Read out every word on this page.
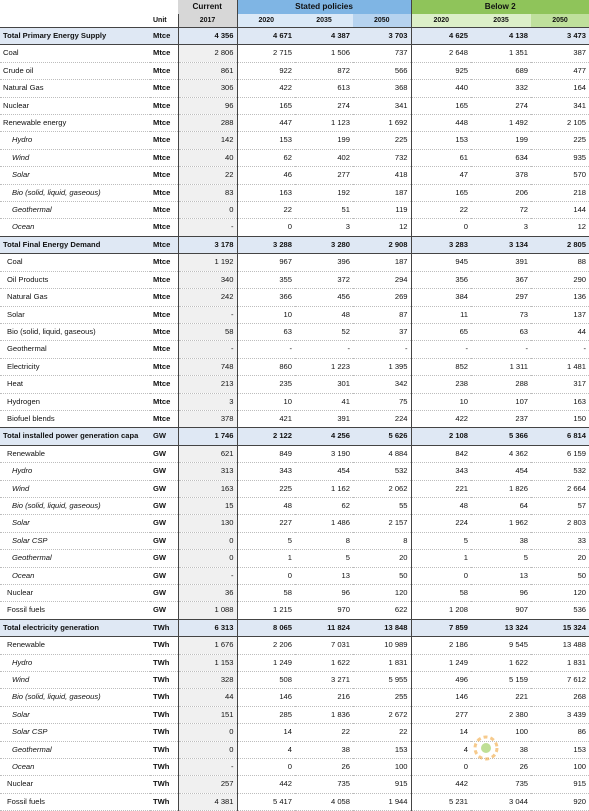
		Current	Stated policies			Below 2		
	Unit	2017	2020	2035	2050	2020	2035	2050
Total Primary Energy Supply	Mtce	4 356	4 671	4 387	3 703	4 625	4 138	3 473
Coal	Mtce	2 806	2 715	1 506	737	2 648	1 351	387
Crude oil	Mtce	861	922	872	566	925	689	477
Natural Gas	Mtce	306	422	613	368	440	332	164
Nuclear	Mtce	96	165	274	341	165	274	341
Renewable energy	Mtce	288	447	1 123	1 692	448	1 492	2 105
Hydro	Mtce	142	153	199	225	153	199	225
Wind	Mtce	40	62	402	732	61	634	935
Solar	Mtce	22	46	277	418	47	378	570
Bio (solid, liquid, gaseous)	Mtce	83	163	192	187	165	206	218
Geothermal	Mtce	0	22	51	119	22	72	144
Ocean	Mtce	-	0	3	12	0	3	12
Total Final Energy Demand	Mtce	3 178	3 288	3 280	2 908	3 283	3 134	2 805
Coal	Mtce	1 192	967	396	187	945	391	88
Oil Products	Mtce	340	355	372	294	356	367	290
Natural Gas	Mtce	242	366	456	269	384	297	136
Solar	Mtce	-	10	48	87	11	73	137
Bio (solid, liquid, gaseous)	Mtce	58	63	52	37	65	63	44
Geothermal	Mtce	-	-	-	-	-	-	-
Electricity	Mtce	748	860	1 223	1 395	852	1 311	1 481
Heat	Mtce	213	235	301	342	238	288	317
Hydrogen	Mtce	3	10	41	75	10	107	163
Biofuel blends	Mtce	378	421	391	224	422	237	150
Total installed power generation capa	GW	1 746	2 122	4 256	5 626	2 108	5 366	6 814
Renewable	GW	621	849	3 190	4 884	842	4 362	6 159
Hydro	GW	313	343	454	532	343	454	532
Wind	GW	163	225	1 162	2 062	221	1 826	2 664
Bio (solid, liquid, gaseous)	GW	15	48	62	55	48	64	57
Solar	GW	130	227	1 486	2 157	224	1 962	2 803
Solar CSP	GW	0	5	8	8	5	38	33
Geothermal	GW	0	1	5	20	1	5	20
Ocean	GW	-	0	13	50	0	13	50
Nuclear	GW	36	58	96	120	58	96	120
Fossil fuels	GW	1 088	1 215	970	622	1 208	907	536
Total electricity generation	TWh	6 313	8 065	11 824	13 848	7 859	13 324	15 324
Renewable	TWh	1 676	2 206	7 031	10 989	2 186	9 545	13 488
Hydro	TWh	1 153	1 249	1 622	1 831	1 249	1 622	1 831
Wind	TWh	328	508	3 271	5 955	496	5 159	7 612
Bio (solid, liquid, gaseous)	TWh	44	146	216	255	146	221	268
Solar	TWh	151	285	1 836	2 672	277	2 380	3 439
Solar CSP	TWh	0	14	22	22	14	100	86
Geothermal	TWh	0	4	38	153	4	38	153
Ocean	TWh	-	0	26	100	0	26	100
Nuclear	TWh	257	442	735	915	442	735	915
Fossil fuels	TWh	4 381	5 417	4 058	1 944	5 231	3 044	920
